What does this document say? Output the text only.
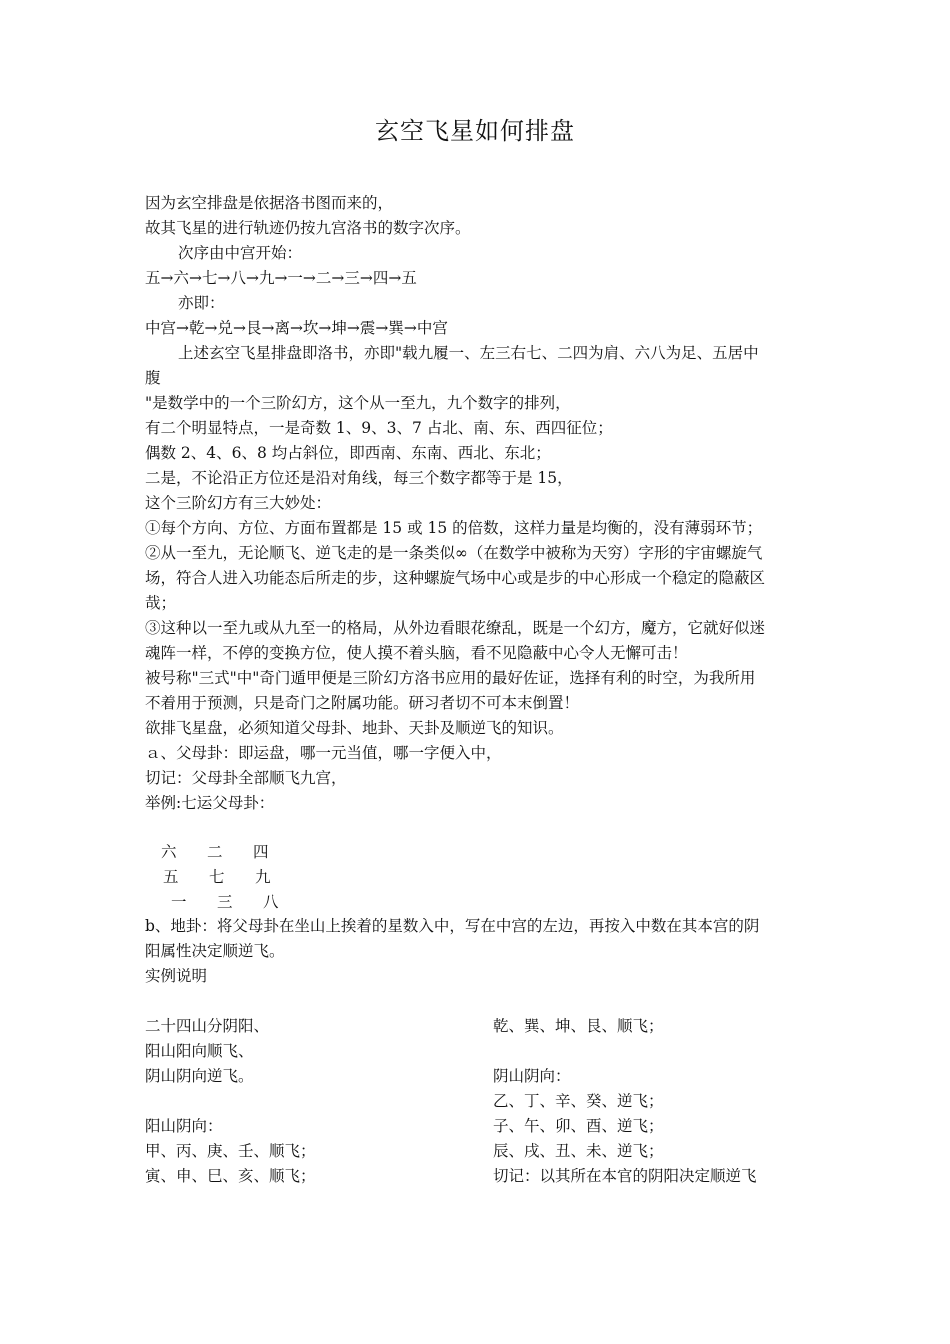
玄空飞星如何排盘
因为玄空排盘是依据洛书图而来的，
故其飞星的进行轨迹仍按九宫洛书的数字次序。
次序由中宫开始：
五→六→七→八→九→一→二→三→四→五
亦即：
中宫→乾→兑→艮→离→坎→坤→震→巽→中宫
上述玄空飞星排盘即洛书，亦即"载九履一、左三右七、二四为肩、六八为足、五居中
腹
"是数学中的一个三阶幻方，这个从一至九，九个数字的排列，
有二个明显特点，一是奇数 1、9、3、7 占北、南、东、西四征位；
偶数 2、4、6、8 均占斜位，即西南、东南、西北、东北；
二是，不论沿正方位还是沿对角线，每三个数字都等于是 15，
这个三阶幻方有三大妙处：
①每个方向、方位、方面布置都是 15 或 15 的倍数，这样力量是均衡的，没有薄弱环节；
②从一至九，无论顺飞、逆飞走的是一条类似∞（在数学中被称为天穷）字形的宇宙螺旋气
场，符合人进入功能态后所走的步，这种螺旋气场中心或是步的中心形成一个稳定的隐蔽区
哉；
③这种以一至九或从九至一的格局，从外边看眼花缭乱，既是一个幻方，魔方，它就好似迷
魂阵一样，不停的变换方位，使人摸不着头脑，看不见隐蔽中心令人无懈可击！
被号称"三式"中"奇门遁甲便是三阶幻方洛书应用的最好佐证，选择有利的时空，为我所用
不着用于预测，只是奇门之附属功能。研习者切不可本末倒置！
欲排飞星盘，必须知道父母卦、地卦、天卦及顺逆飞的知识。
ａ、父母卦：即运盘，哪一元当值，哪一字便入中，
切记：父母卦全部顺飞九宫，
举例:七运父母卦：
六 二 四
五 七 九
一 三 八
b、地卦：将父母卦在坐山上挨着的星数入中，写在中宫的左边，再按入中数在其本宫的阴
阳属性决定顺逆飞。
实例说明
二十四山分阴阳、
阳山阳向顺飞、
阴山阴向逆飞。
阳山阴向：
甲、丙、庚、壬、顺飞；
寅、申、巳、亥、顺飞；
乾、巽、坤、艮、顺飞；
阴山阴向：
乙、丁、辛、癸、逆飞；
子、午、卯、酉、逆飞；
辰、戌、丑、未、逆飞；
切记：以其所在本官的阴阳决定顺逆飞
